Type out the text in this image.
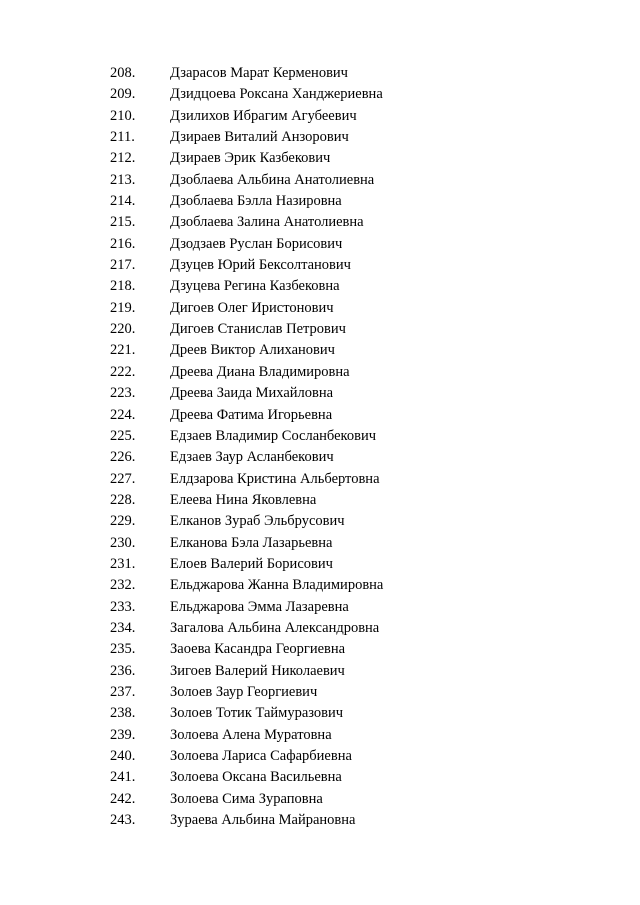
208.	Дзарасов Марат Керменович
209.	Дзидцоева Роксана Ханджериевна
210.	Дзилихов Ибрагим Агубеевич
211.	Дзираев Виталий Анзорович
212.	Дзираев Эрик Казбекович
213.	Дзоблаева Альбина Анатолиевна
214.	Дзоблаева Бэлла Назировна
215.	Дзоблаева Залина Анатолиевна
216.	Дзодзаев Руслан Борисович
217.	Дзуцев Юрий Бексолтанович
218.	Дзуцева Регина Казбековна
219.	Дигоев Олег Иристонович
220.	Дигоев Станислав Петрович
221.	Дреев Виктор Алиханович
222.	Дреева Диана Владимировна
223.	Дреева Заида Михайловна
224.	Дреева Фатима Игорьевна
225.	Едзаев Владимир Сосланбекович
226.	Едзаев Заур Асланбекович
227.	Елдзарова Кристина Альбертовна
228.	Елеева Нина Яковлевна
229.	Елканов Зураб Эльбрусович
230.	Елканова Бэла Лазарьевна
231.	Елоев Валерий Борисович
232.	Ельджарова Жанна Владимировна
233.	Ельджарова Эмма Лазаревна
234.	Загалова Альбина Александровна
235.	Заоева Касандра Георгиевна
236.	Зигоев Валерий Николаевич
237.	Золоев Заур Георгиевич
238.	Золоев Тотик Таймуразович
239.	Золоева Алена Муратовна
240.	Золоева Лариса Сафарбиевна
241.	Золоева Оксана Васильевна
242.	Золоева Сима Зураповна
243.	Зураева Альбина Майрановна
